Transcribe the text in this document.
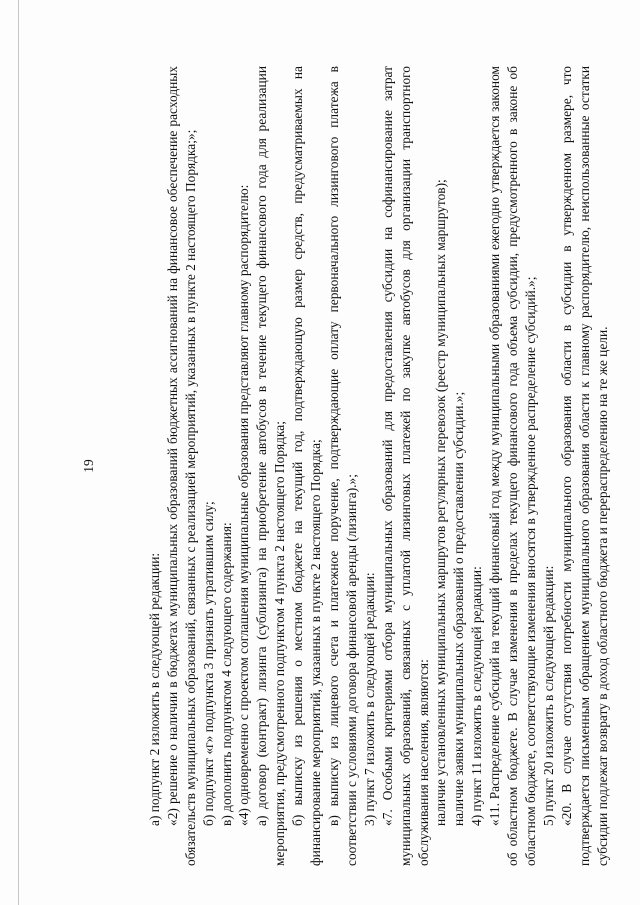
19

а) подпункт 2 изложить в следующей редакции: «2) решение о наличии в бюджетах муниципальных образований бюджетных ассигнований на финансовое обеспечение расходных обязательств муниципальных образований, связанных с реализацией мероприятий, указанных в пункте 2 настоящего Порядка;»; б) подпункт «г» подпункта 3 признать утратившим силу; в) дополнить подпунктом 4 следующего содержания: «4) одновременно с проектом соглашения муниципальные образования представляют главному распорядителю: а) договор (контракт) лизинга (сублизинга) на приобретение автобусов в течение текущего финансового года для реализации мероприятия, предусмотренного подпунктом 4 пункта 2 настоящего Порядка; б) выписку из решения о местном бюджете на текущий год, подтверждающую размер средств, предусматриваемых на финансирование мероприятий, указанных в пункте 2 настоящего Порядка; в) выписку из лицевого счета и платежное поручение, подтверждающие оплату первоначального лизингового платежа в соответствии с условиями договора финансовой аренды (лизинга).»; 3) пункт 7 изложить в следующей редакции: «7. Особыми критериями отбора муниципальных образований для предоставления субсидии на софинансирование затрат муниципальных образований, связанных с уплатой лизинговых платежей по закупке автобусов для организации транспортного обслуживания населения, являются: наличие установленных муниципальных маршрутов регулярных перевозок (реестр муниципальных маршрутов); наличие заявки муниципальных образований о предоставлении субсидии.»; 4) пункт 11 изложить в следующей редакции: «11. Распределение субсидий на текущий финансовый год между муниципальными образованиями ежегодно утверждается законом об областном бюджете. В случае изменения в пределах текущего финансового года объема субсидии, предусмотренного в законе об областном бюджете, соответствующие изменения вносятся в утвержденное распределение субсидий.»; 5) пункт 20 изложить в следующей редакции: «20. В случае отсутствия потребности муниципального образования области в субсидии в утвержденном размере, что подтверждается письменным обращением муниципального образования области к главному распорядителю, неиспользованные остатки субсидии подлежат возврату в доход областного бюджета и перераспределению на те же цели.
